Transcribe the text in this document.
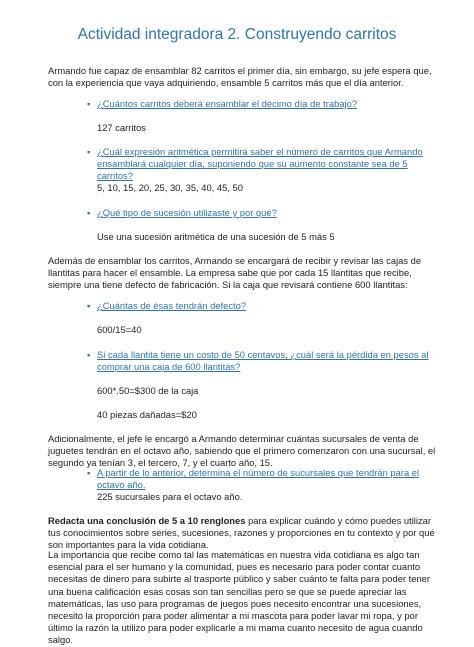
Actividad integradora 2. Construyendo carritos

Armando fue capaz de ensamblar 82 carritos el primer día, sin embargo, su jefe espera que, con la experiencia que vaya adquiriendo, ensamble 5 carritos más que el día anterior.

▪ ¿Cuántos carritos deberá ensamblar el décimo día de trabajo?

127 carritos

▪ ¿Cuál expresión aritmética permitirá saber el número de carritos que Armando ensamblará cualquier día, suponiendo que su aumento constante sea de 5 carritos?

5, 10, 15, 20, 25, 30, 35, 40, 45, 50

▪ ¿Qué tipo de sucesión utilizaste y por qué?

Use una sucesión aritmética de una sucesión de 5 más 5

Además de ensamblar los carritos, Armando se encargará de recibir y revisar las cajas de llantitas para hacer el ensamble. La empresa sabe que por cada 15 llantitas que recibe, siempre una tiene defecto de fabricación. Si la caja que revisará contiene 600 llantitas:

▪ ¿Cuántas de ésas tendrán defecto?

600/15=40

▪ Si cada llantita tiene un costo de 50 centavos, ¿cuál será la pérdida en pesos al comprar una caja de 600 llantitas?

600*.50=$300 de la caja

40 piezas dañadas=$20

Adicionalmente, el jefe le encargó a Armando determinar cuántas sucursales de venta de juguetes tendrán en el octavo año, sabiendo que el primero comenzaron con una sucursal, el segundo ya tenían 3, el tercero, 7, y el cuarto año, 15.

▪ A partir de lo anterior, determina el número de sucursales que tendrán para el octavo año.

225 sucursales para el octavo año.

Redacta una conclusión de 5 a 10 renglones para explicar cuándo y cómo puedes utilizar tus conocimientos sobre series, sucesiones, razones y proporciones en tu contexto y por qué son importantes para la vida cotidiana.

La importancia que recibe como tal las matemáticas en nuestra vida cotidiana es algo tan esencial para el ser humano y la comunidad, pues es necesario para poder contar cuanto necesitas de dinero para subirte al trasporte público y saber cuánto te falta para poder tener una buena calificación esas cosas son tan sencillas pero se que se puede apreciar las matemáticas, las uso para programas de juegos pues necesito encontrar una sucesiones, necesito la proporción para poder alimentar a mi mascota para poder lavar mi ropa, y por último la razón la utilizo para poder explicarle a mi mama cuanto necesito de agua cuando salgo.
